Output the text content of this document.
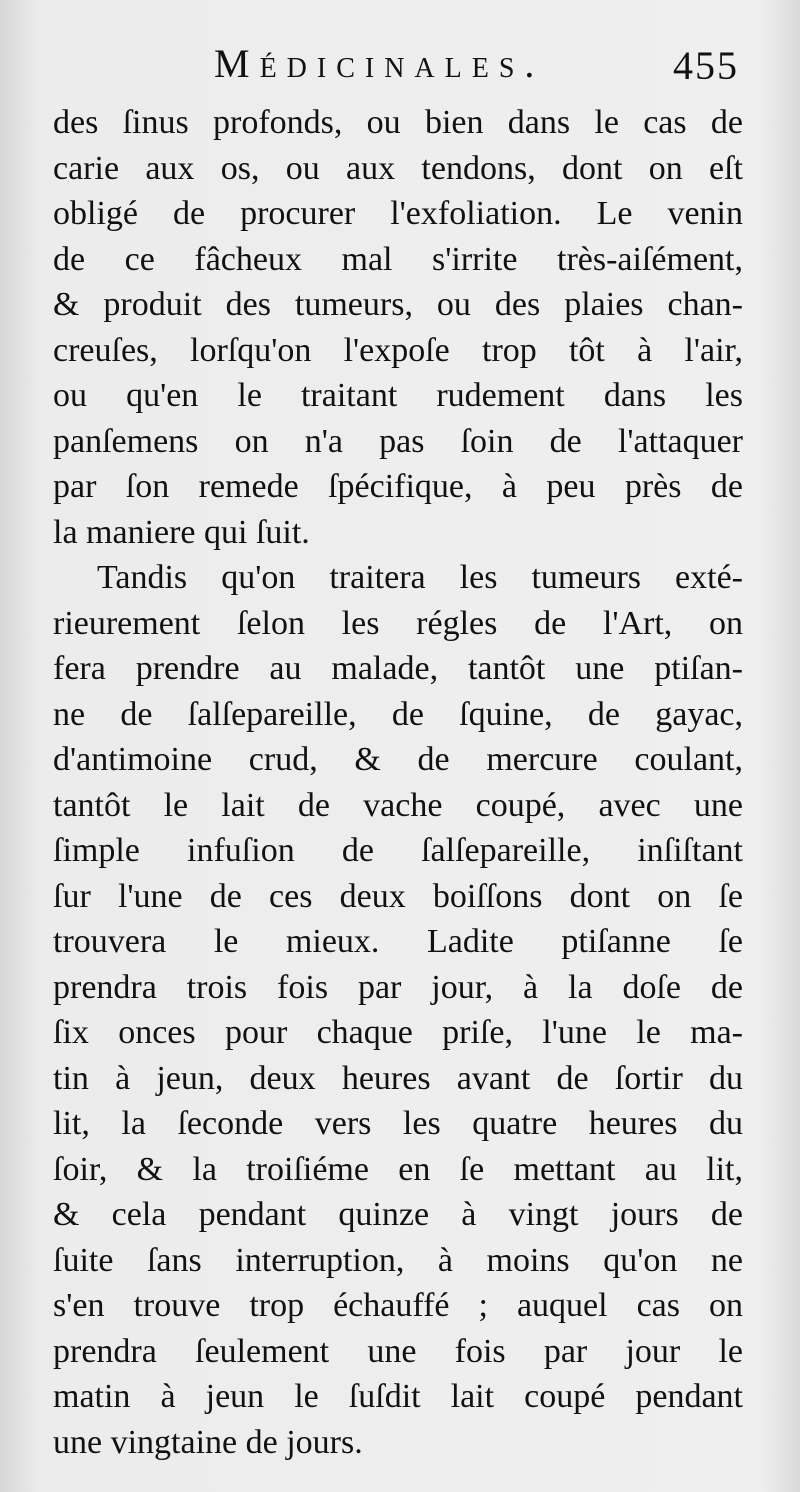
Médicinales.	455
des ſinus profonds, ou bien dans le cas de
carie aux os, ou aux tendons, dont on eſt
obligé de procurer l'exfoliation. Le venin
de ce fâcheux mal s'irrite très-aiſément,
& produit des tumeurs, ou des plaies chan-
creuſes, lorſqu'on l'expoſe trop tôt à l'air,
ou qu'en le traitant rudement dans les
panſemens on n'a pas ſoin de l'attaquer
par ſon remede ſpécifique, à peu près de
la maniere qui ſuit.
Tandis qu'on traitera les tumeurs exté-
rieurement ſelon les régles de l'Art, on
fera prendre au malade, tantôt une ptiſan-
ne de ſalſepareille, de ſquine, de gayac,
d'antimoine crud, & de mercure coulant,
tantôt le lait de vache coupé, avec une
ſimple infuſion de ſalſepareille, inſiſtant
ſur l'une de ces deux boiſſons dont on ſe
trouvera le mieux. Ladite ptiſanne ſe
prendra trois fois par jour, à la doſe de
ſix onces pour chaque priſe, l'une le ma-
tin à jeun, deux heures avant de ſortir du
lit, la ſeconde vers les quatre heures du
ſoir, & la troiſiéme en ſe mettant au lit,
& cela pendant quinze à vingt jours de
ſuite ſans interruption, à moins qu'on ne
s'en trouve trop échauffé ; auquel cas on
prendra ſeulement une fois par jour le
matin à jeun le ſuſdit lait coupé pendant
une vingtaine de jours.
